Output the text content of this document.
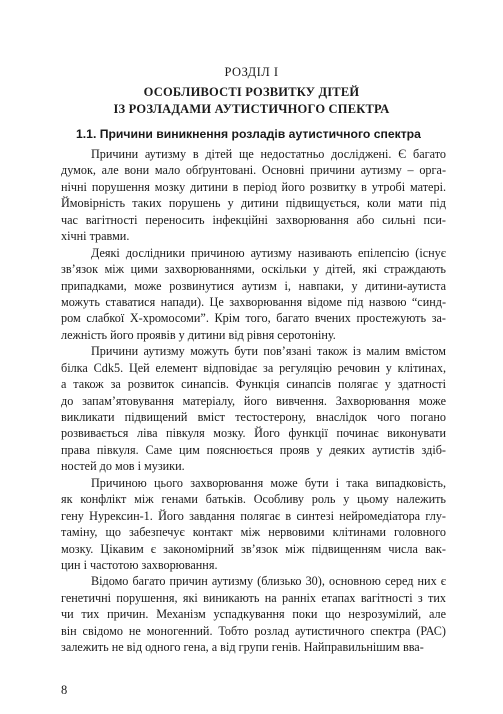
РОЗДІЛ І
ОСОБЛИВОСТІ РОЗВИТКУ ДІТЕЙ
ІЗ РОЗЛАДАМИ АУТИСТИЧНОГО СПЕКТРА
1.1. Причини виникнення розладів аутистичного спектра
Причини аутизму в дітей ще недостатньо досліджені. Є багато
думок, але вони мало обґрунтовані. Основні причини аутизму – орга-
нічні порушення мозку дитини в період його розвитку в утробі матері.
Ймовірність таких порушень у дитини підвищується, коли мати під
час вагітності переносить інфекційні захворювання або сильні пси-
хічні травми.
Деякі дослідники причиною аутизму називають епілепсію (існує
зв’язок між цими захворюваннями, оскільки у дітей, які страждають
припадками, може розвинутися аутизм і, навпаки, у дитини-аутиста
можуть ставатися напади). Це захворювання відоме під назвою “синд-
ром слабкої Х-хромосоми”. Крім того, багато вчених простежують за-
лежність його проявів у дитини від рівня серотоніну.
Причини аутизму можуть бути пов’язані також із малим вмістом
білка Cdk5. Цей елемент відповідає за регуляцію речовин у клітинах,
а також за розвиток синапсів. Функція синапсів полягає у здатності
до запам’ятовування матеріалу, його вивчення. Захворювання може
викликати підвищений вміст тестостерону, внаслідок чого погано
розвивається ліва півкуля мозку. Його функції починає виконувати
права півкуля. Саме цим пояснюється прояв у деяких аутистів здіб-
ностей до мов і музики.
Причиною цього захворювання може бути і така випадковість,
як конфлікт між генами батьків. Особливу роль у цьому належить
гену Нурексин-1. Його завдання полягає в синтезі нейромедіатора глу-
таміну, що забезпечує контакт між нервовими клітинами головного
мозку. Цікавим є закономірний зв’язок між підвищенням числа вак-
цин і частотою захворювання.
Відомо багато причин аутизму (близько 30), основною серед них є
генетичні порушення, які виникають на ранніх етапах вагітності з тих
чи тих причин. Механізм успадкування поки що незрозумілий, але
він свідомо не моногенний. Тобто розлад аутистичного спектра (РАС)
залежить не від одного гена, а від групи генів. Найправильнішим вва-
8
